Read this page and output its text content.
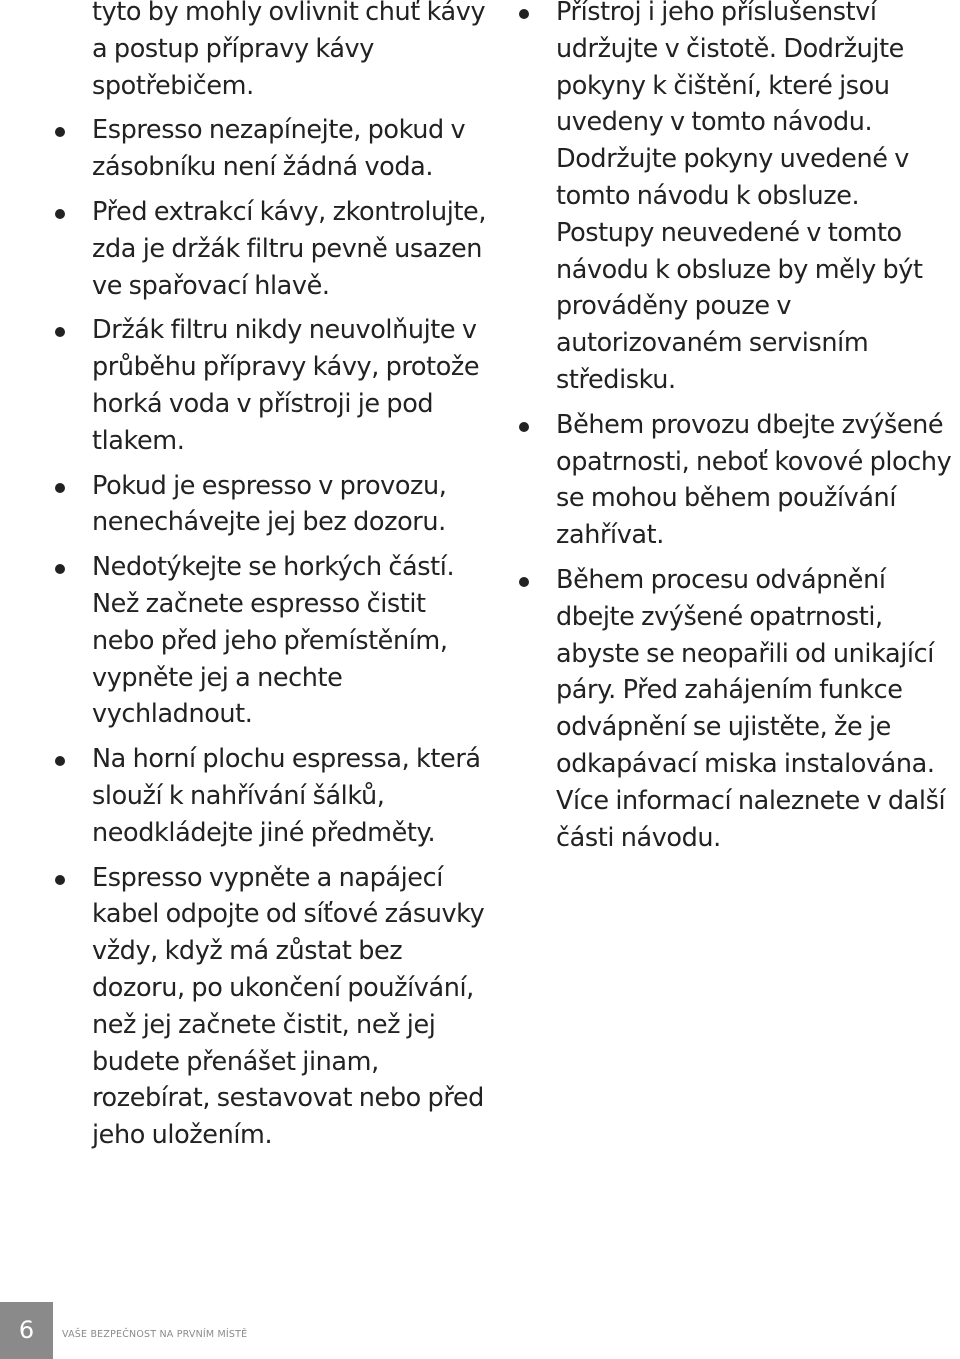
tyto by mohly ovlivnit chuť kávy a postup přípravy kávy spotřebičem.

Espresso nezapínejte, pokud v zásobníku není žádná voda.
Před extrakcí kávy, zkontrolujte, zda je držák filtru pevně usazen ve spařovací hlavě.
Držák filtru nikdy neuvolňujte v průběhu přípravy kávy, protože horká voda v přístroji je pod tlakem.
Pokud je espresso v provozu, nenechávejte jej bez dozoru.
Nedotýkejte se horkých částí. Než začnete espresso čistit nebo před jeho přemístěním, vypněte jej a nechte vychladnout.
Na horní plochu espressa, která slouží k nahřívání šálků, neodkládejte jiné předměty.
Espresso vypněte a napájecí kabel odpojte od síťové zásuvky vždy, když má zůstat bez dozoru, po ukončení používání, než jej začnete čistit, než jej budete přenášet jinam, rozebírat, sestavovat nebo před jeho uložením.
Přístroj i jeho příslušenství udržujte v čistotě. Dodržujte pokyny k čištění, které jsou uvedeny v tomto návodu. Dodržujte pokyny uvedené v tomto návodu k obsluze. Postupy neuvedené v tomto návodu k obsluze by měly být prováděny pouze v autorizovaném servisním středisku.
Během provozu dbejte zvýšené opatrnosti, neboť kovové plochy se mohou během používání zahřívat.
Během procesu odvápnění dbejte zvýšené opatrnosti, abyste se neopařili od unikající páry. Před zahájením funkce odvápnění se ujistěte, že je odkapávací miska instalována. Více informací naleznete v další části návodu.
6	VAŠE BEZPEČNOST NA PRVNÍM MÍSTĚ
